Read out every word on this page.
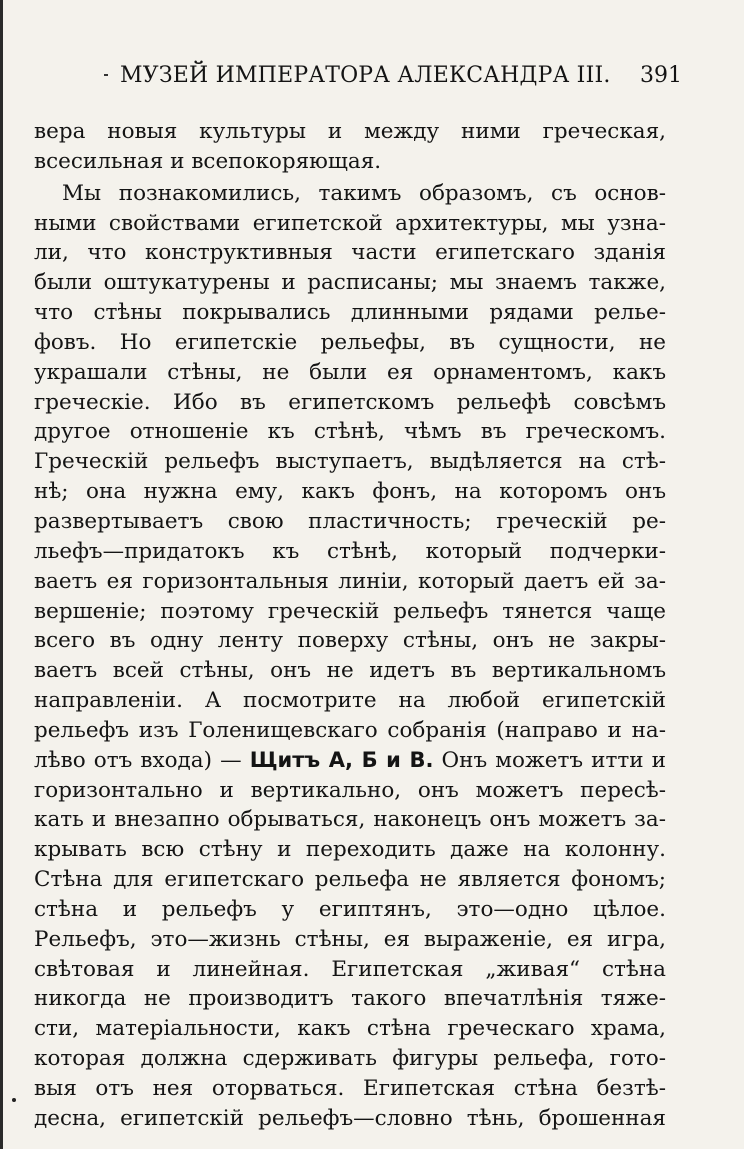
МУЗЕЙ ИМПЕРАТОРА АЛЕКСАНДРА III. 391
вера новыя культуры и между ними греческая,
всесильная и всепокоряющая.
Мы познакомились, такимъ образомъ, съ основ-
ными свойствами египетской архитектуры, мы узна-
ли, что конструктивныя части египетскаго зданія
были оштукатурены и расписаны; мы знаемъ также,
что стѣны покрывались длинными рядами релье-
фовъ. Но египетскіе рельефы, въ сущности, не
украшали стѣны, не были ея орнаментомъ, какъ
греческіе. Ибо въ египетскомъ рельефѣ совсѣмъ
другое отношеніе къ стѣнѣ, чѣмъ въ греческомъ.
Греческій рельефъ выступаетъ, выдѣляется на стѣ-
нѣ; она нужна ему, какъ фонъ, на которомъ онъ
развертываетъ свою пластичность; греческій ре-
льефъ—придатокъ къ стѣнѣ, который подчерки-
ваетъ ея горизонтальныя линіи, который даетъ ей за-
вершеніе; поэтому греческій рельефъ тянется чаще
всего въ одну ленту поверху стѣны, онъ не закры-
ваетъ всей стѣны, онъ не идетъ въ вертикальномъ
направленіи. А посмотрите на любой египетскій
рельефъ изъ Голенищевскаго собранія (направо и на-
лѣво отъ входа) — Щитъ А, Б и В. Онъ можетъ итти и
горизонтально и вертикально, онъ можетъ пересѣ-
кать и внезапно обрываться, наконецъ онъ можетъ за-
крывать всю стѣну и переходить даже на колонну.
Стѣна для египетскаго рельефа не является фономъ;
стѣна и рельефъ у египтянъ, это—одно цѣлое.
Рельефъ, это—жизнь стѣны, ея выраженіе, ея игра,
свѣтовая и линейная. Египетская „живая“ стѣна
никогда не производитъ такого впечатлѣнія тяже-
сти, матеріальности, какъ стѣна греческаго храма,
которая должна сдерживать фигуры рельефа, гото-
выя отъ нея оторваться. Египетская стѣна безтѣ-
десна, египетскій рельефъ—словно тѣнь, брошенная
